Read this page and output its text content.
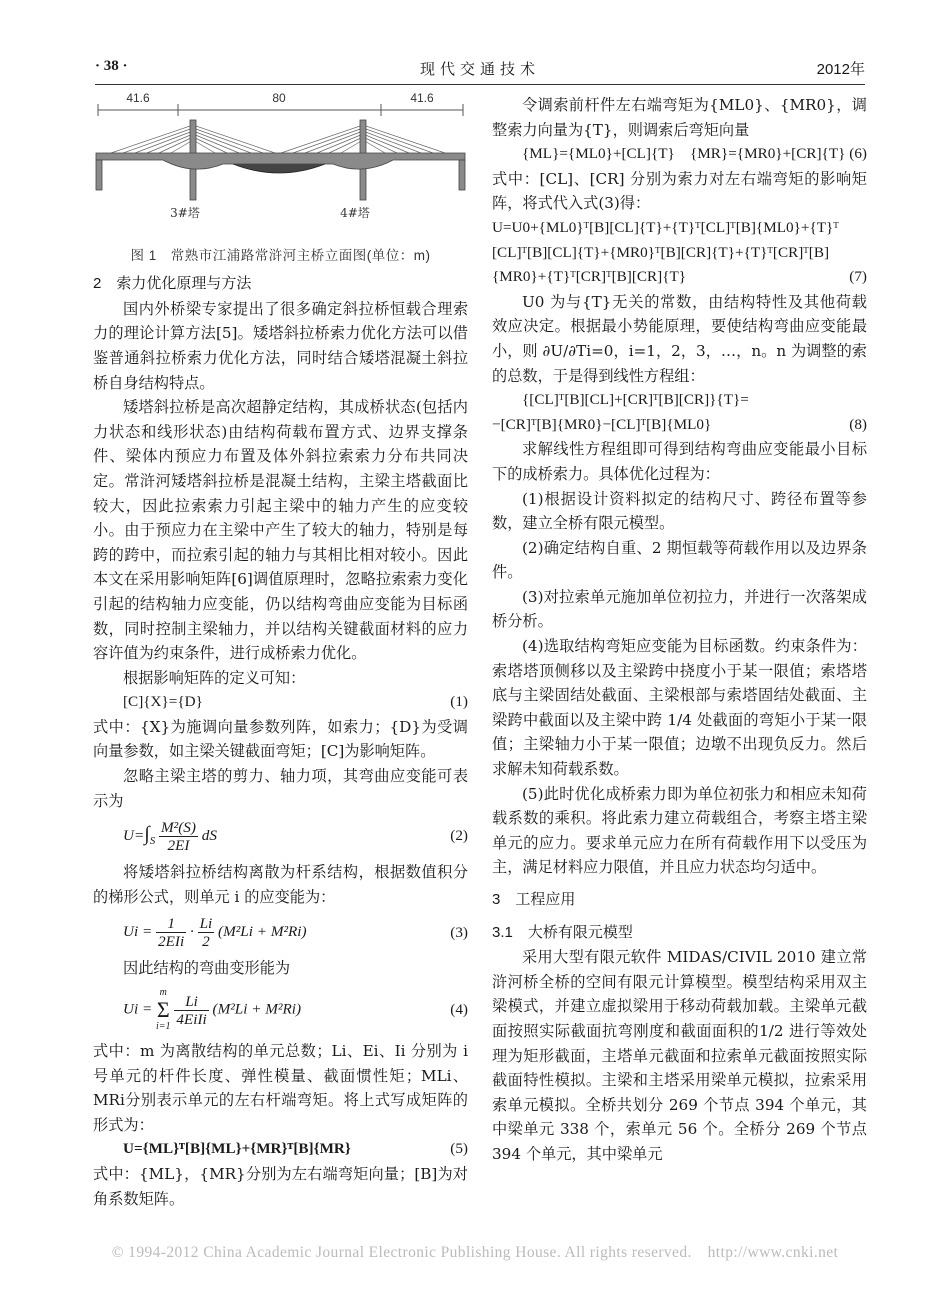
现代交通技术
· 38 ·	2012年
41.6	80	41.6
3#塔	4#塔
图 1　常熟市江浦路常浒河主桥立面图(单位：m)

2　索力优化原理与方法

国内外桥梁专家提出了很多确定斜拉桥恒载合理索力的理论计算方法[5]。矮塔斜拉桥索力优化方法可以借鉴普通斜拉桥索力优化方法，同时结合矮塔混凝土斜拉桥自身结构特点。

矮塔斜拉桥是高次超静定结构，其成桥状态(包括内力状态和线形状态)由结构荷载布置方式、边界支撑条件、梁体内预应力布置及体外斜拉索索力分布共同决定。常浒河矮塔斜拉桥是混凝土结构，主梁主塔截面比较大，因此拉索索力引起主梁中的轴力产生的应变较小。由于预应力在主梁中产生了较大的轴力，特别是每跨的跨中，而拉索引起的轴力与其相比相对较小。因此本文在采用影响矩阵[6]调值原理时，忽略拉索索力变化引起的结构轴力应变能，仍以结构弯曲应变能为目标函数，同时控制主梁轴力，并以结构关键截面材料的应力容许值为约束条件，进行成桥索力优化。

根据影响矩阵的定义可知：

[C]{X}={D}	(1)

式中：{X}为施调向量参数列阵，如索力；{D}为受调向量参数，如主梁关键截面弯矩；[C]为影响矩阵。

忽略主梁主塔的剪力、轴力项，其弯曲应变能可表示为

$U=\int_S \frac{\text{M²(S)}}{2EI}$ dS	(2)

将矮塔斜拉桥结构离散为杆系结构，根据数值积分的梯形公式，则单元 i 的应变能为：

$Ui = \frac{1}{\text{2EIi}} \cdot \frac{Li}{2} (M^2Li + M^2Ri)$	(3)

因此结构的弯曲变形能为

Ui =
m
Σ
i=1
$\frac{Li}{\text{4EiIi}} (M^2Li + M^2Ri)$	(4)

式中：m 为离散结构的单元总数；Li、Ei、Ii 分别为 i 号单元的杆件长度、弹性模量、截面惯性矩；MLi、MRi分别表示单元的左右杆端弯矩。将上式写成矩阵的形式为：

U={ML}ᵀ[B]{ML}+{MR}ᵀ[B]{MR}	(5)

式中：{ML}，{MR}分别为左右端弯矩向量；[B]为对角系数矩阵。

令调索前杆件左右端弯矩为{ML0}、{MR0}，调整索力向量为{T}，则调索后弯矩向量

{ML}={ML0}+[CL]{T}　{MR}={MR0}+[CR]{T} (6)

式中：[CL]、[CR] 分别为索力对左右端弯矩的影响矩阵，将式代入式(3)得：

U=U0+{ML0}ᵀ[B][CL]{T}+{T}ᵀ[CL]ᵀ[B]{ML0}+{T}ᵀ

[CL]ᵀ[B][CL]{T}+{MR0}ᵀ[B][CR]{T}+{T}ᵀ[CR]ᵀ[B]

{MR0}+{T}ᵀ[CR]ᵀ[B][CR]{T}	(7)

U0 为与{T}无关的常数，由结构特性及其他荷载效应决定。根据最小势能原理，要使结构弯曲应变能最小，则 ∂U/∂Ti=0，i=1，2，3，…，n。n 为调整的索的总数，于是得到线性方程组：

{[CL]ᵀ[B][CL]+[CR]ᵀ[B][CR]}{T}=

−[CR]ᵀ[B]{MR0}−[CL]ᵀ[B]{ML0}	(8)

求解线性方程组即可得到结构弯曲应变能最小目标下的成桥索力。具体优化过程为：

(1)根据设计资料拟定的结构尺寸、跨径布置等参数，建立全桥有限元模型。

(2)确定结构自重、2 期恒载等荷载作用以及边界条件。

(3)对拉索单元施加单位初拉力，并进行一次落架成桥分析。

(4)选取结构弯矩应变能为目标函数。约束条件为：索塔塔顶侧移以及主梁跨中挠度小于某一限值；索塔塔底与主梁固结处截面、主梁根部与索塔固结处截面、主梁跨中截面以及主梁中跨 1/4 处截面的弯矩小于某一限值；主梁轴力小于某一限值；边墩不出现负反力。然后求解未知荷载系数。

(5)此时优化成桥索力即为单位初张力和相应未知荷载系数的乘积。将此索力建立荷载组合，考察主塔主梁单元的应力。要求单元应力在所有荷载作用下以受压为主，满足材料应力限值，并且应力状态均匀适中。

3　工程应用

3.1　大桥有限元模型

采用大型有限元软件 MIDAS/CIVIL 2010 建立常浒河桥全桥的空间有限元计算模型。模型结构采用双主梁模式，并建立虚拟梁用于移动荷载加载。主梁单元截面按照实际截面抗弯刚度和截面面积的1/2 进行等效处理为矩形截面，主塔单元截面和拉索单元截面按照实际截面特性模拟。主梁和主塔采用梁单元模拟，拉索采用索单元模拟。全桥共划分 269 个节点 394 个单元，其中梁单元 338 个，索单元 56 个。全桥分 269 个节点 394 个单元，其中梁单元

© 1994-2012 China Academic Journal Electronic Publishing House. All rights reserved.　http://www.cnki.net
